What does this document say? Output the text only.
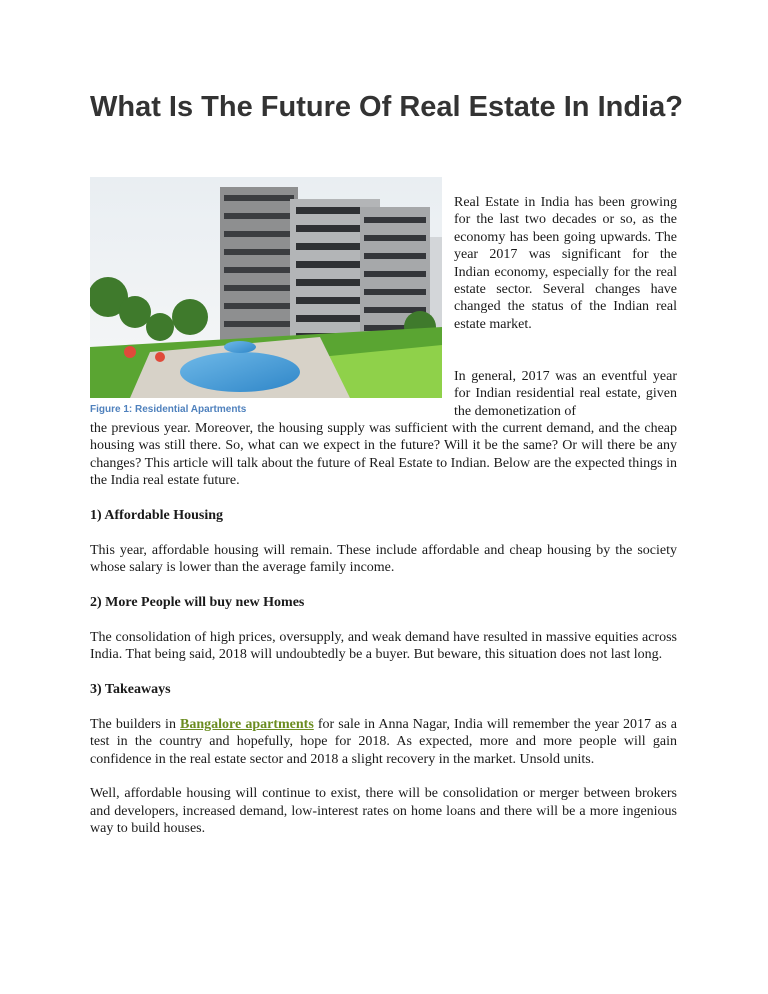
What Is The Future Of Real Estate In India?
Figure 1: Residential Apartments

Real Estate in India has been growing for the last two decades or so, as the economy has been going upwards. The year 2017 was significant for the Indian economy, especially for the real estate sector. Several changes have changed the status of the Indian real estate market.

In general, 2017 was an eventful year for Indian residential real estate, given the demonetization of

the previous year. Moreover, the housing supply was sufficient with the current demand, and the cheap housing was still there. So, what can we expect in the future? Will it be the same? Or will there be any changes? This article will talk about the future of Real Estate to Indian. Below are the expected things in the India real estate future.

1) Affordable Housing

This year, affordable housing will remain. These include affordable and cheap housing by the society whose salary is lower than the average family income.

2) More People will buy new Homes

The consolidation of high prices, oversupply, and weak demand have resulted in massive equities across India. That being said, 2018 will undoubtedly be a buyer. But beware, this situation does not last long.

3) Takeaways

The builders in Bangalore apartments for sale in Anna Nagar, India will remember the year 2017 as a test in the country and hopefully, hope for 2018. As expected, more and more people will gain confidence in the real estate sector and 2018 a slight recovery in the market. Unsold units.

Well, affordable housing will continue to exist, there will be consolidation or merger between brokers and developers, increased demand, low-interest rates on home loans and there will be a more ingenious way to build houses.
